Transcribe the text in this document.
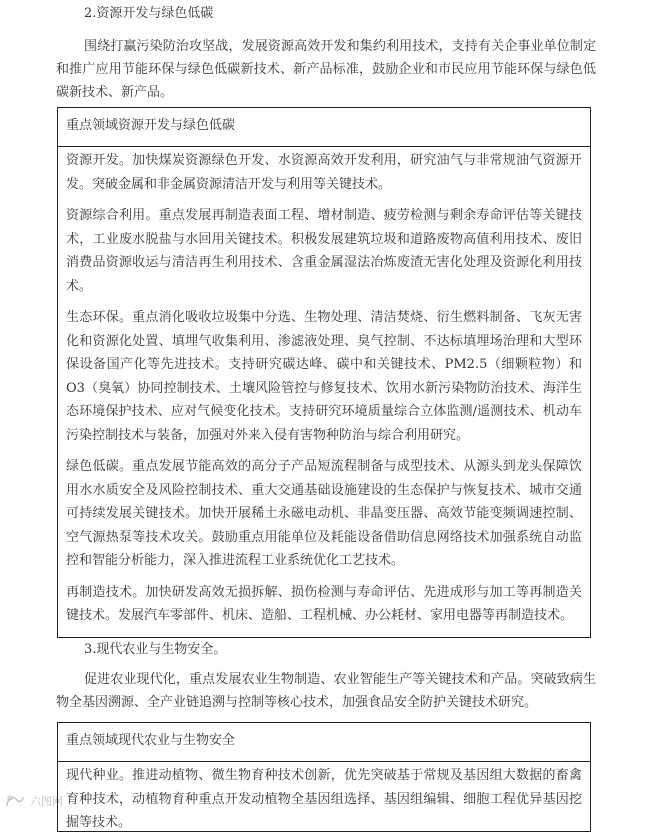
2.资源开发与绿色低碳

围绕打赢污染防治攻坚战，发展资源高效开发和集约利用技术，支持有关企事业单位制定和推广应用节能环保与绿色低碳新技术、新产品标准，鼓励企业和市民应用节能环保与绿色低碳新技术、新产品。

重点领域资源开发与绿色低碳

资源开发。加快煤炭资源绿色开发、水资源高效开发利用，研究油气与非常规油气资源开发。突破金属和非金属资源清洁开发与利用等关键技术。

资源综合利用。重点发展再制造表面工程、增材制造、疲劳检测与剩余寿命评估等关键技术，工业废水脱盐与水回用关键技术。积极发展建筑垃圾和道路废物高值利用技术、废旧消费品资源收运与清洁再生利用技术、含重金属湿法冶炼废渣无害化处理及资源化利用技术。

生态环保。重点消化吸收垃圾集中分选、生物处理、清洁焚烧、衍生燃料制备、飞灰无害化和资源化处置、填埋气收集利用、渗滤液处理、臭气控制、不达标填埋场治理和大型环保设备国产化等先进技术。支持研究碳达峰、碳中和关键技术、PM2.5（细颗粒物）和O3（臭氧）协同控制技术、土壤风险管控与修复技术、饮用水新污染物防治技术、海洋生态环境保护技术、应对气候变化技术。支持研究环境质量综合立体监测/遥测技术、机动车污染控制技术与装备，加强对外来入侵有害物种防治与综合利用研究。

绿色低碳。重点发展节能高效的高分子产品短流程制备与成型技术、从源头到龙头保障饮用水水质安全及风险控制技术、重大交通基础设施建设的生态保护与恢复技术、城市交通可持续发展关键技术。加快开展稀土永磁电动机、非晶变压器、高效节能变频调速控制、空气源热泵等技术攻关。鼓励重点用能单位及耗能设备借助信息网络技术加强系统自动监控和智能分析能力，深入推进流程工业系统优化工艺技术。

再制造技术。加快研发高效无损拆解、损伤检测与寿命评估、先进成形与加工等再制造关键技术。发展汽车零部件、机床、造船、工程机械、办公耗材、家用电器等再制造技术。

3.现代农业与生物安全。

促进农业现代化，重点发展农业生物制造、农业智能生产等关键技术和产品。突破致病生物全基因溯源、全产业链追溯与控制等核心技术，加强食品安全防护关键技术研究。

重点领域现代农业与生物安全

现代种业。推进动植物、微生物育种技术创新，优先突破基于常规及基因组大数据的畜禽育种技术，动植物育种重点开发动植物全基因组选择、基因组编辑、细胞工程优异基因挖掘等技术。

六图网
